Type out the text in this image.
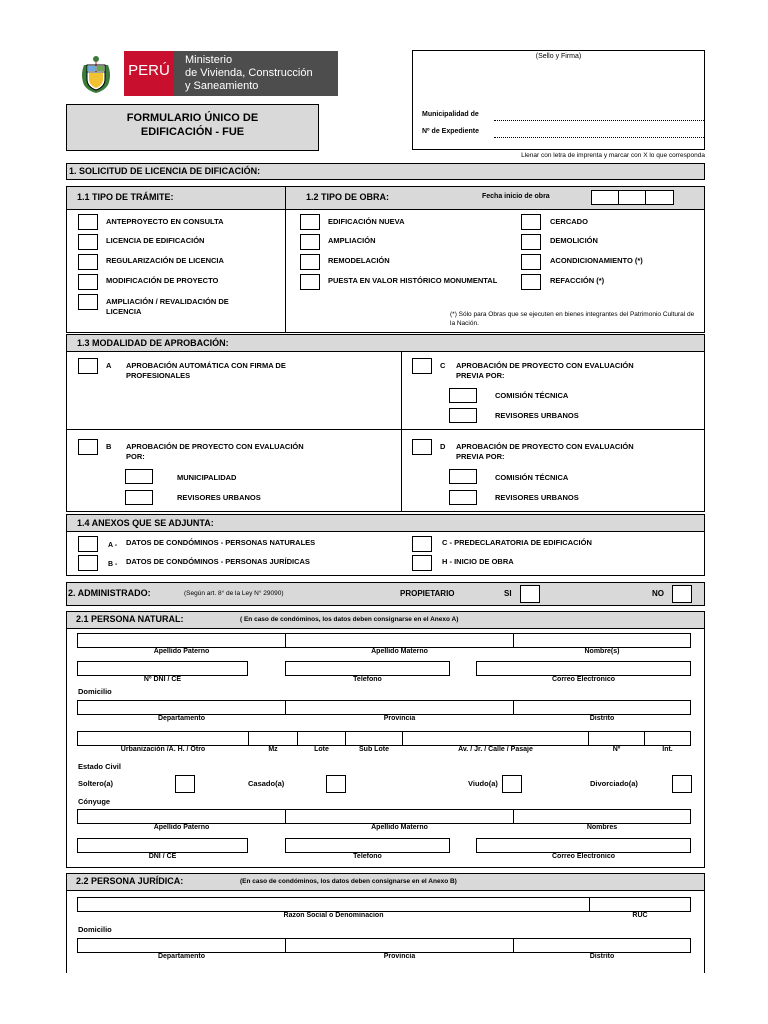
PERÚ
Ministerio
de Vivienda, Construcción
y Saneamiento
FORMULARIO ÚNICO DE
EDIFICACIÓN - FUE
(Sello y Firma)
Municipalidad de
Nº de Expediente
Llenar con letra de imprenta y marcar con X lo que corresponda
1. SOLICITUD DE LICENCIA DE DIFICACIÓN:
1.1 TIPO DE TRÁMITE:	1.2 TIPO DE OBRA:	Fecha inicio de obra
ANTEPROYECTO EN CONSULTA
LICENCIA DE EDIFICACIÓN
REGULARIZACIÓN DE LICENCIA
MODIFICACIÓN DE PROYECTO
AMPLIACIÓN / REVALIDACIÓN DE LICENCIA
EDIFICACIÓN NUEVA
AMPLIACIÓN
REMODELACIÓN
PUESTA EN VALOR HISTÓRICO MONUMENTAL
CERCADO
DEMOLICIÓN
ACONDICIONAMIENTO (*)
REFACCIÓN (*)
(*) Sólo para Obras que se ejecuten en bienes integrantes del Patrimonio Cultural de la Nación.
1.3 MODALIDAD DE APROBACIÓN:
A APROBACIÓN AUTOMÁTICA CON FIRMA DE PROFESIONALES
C APROBACIÓN DE PROYECTO CON EVALUACIÓN PREVIA POR:
COMISIÓN TÉCNICA
REVISORES URBANOS
B APROBACIÓN DE PROYECTO CON EVALUACIÓN POR:
MUNICIPALIDAD
REVISORES URBANOS
D APROBACIÓN DE PROYECTO CON EVALUACIÓN PREVIA POR:
COMISIÓN TÉCNICA
REVISORES URBANOS
1.4 ANEXOS QUE SE ADJUNTA:
A - DATOS DE CONDÓMINOS - PERSONAS NATURALES
B - DATOS DE CONDÓMINOS - PERSONAS JURÍDICAS
C - PREDECLARATORIA DE EDIFICACIÓN
H - INICIO DE OBRA
2. ADMINISTRADO:	(Según art. 8° de la Ley N° 29090)	PROPIETARIO	SI	NO
2.1 PERSONA NATURAL:	( En caso de condóminos, los datos deben consignarse en el Anexo A)
Apellido Paterno	Apellido Materno	Nombre(s)
Nº DNI / CE	Telefono	Correo Electronico
Domicilio
Departamento	Provincia	Distrito
Urbanización /A. H. / Otro	Mz	Lote	Sub Lote	Av. / Jr. / Calle / Pasaje	Nº	Int.
Estado Civil
Soltero(a)	Casado(a)	Viudo(a)	Divorciado(a)
Cónyuge
Apellido Paterno	Apellido Materno	Nombres
DNI / CE	Telefono	Correo Electronico
2.2 PERSONA JURÍDICA:	(En caso de condóminos, los datos deben consignarse en el Anexo B)
Razon Social o Denominacion	RUC
Domicilio
Departamento	Provincia	Distrito
